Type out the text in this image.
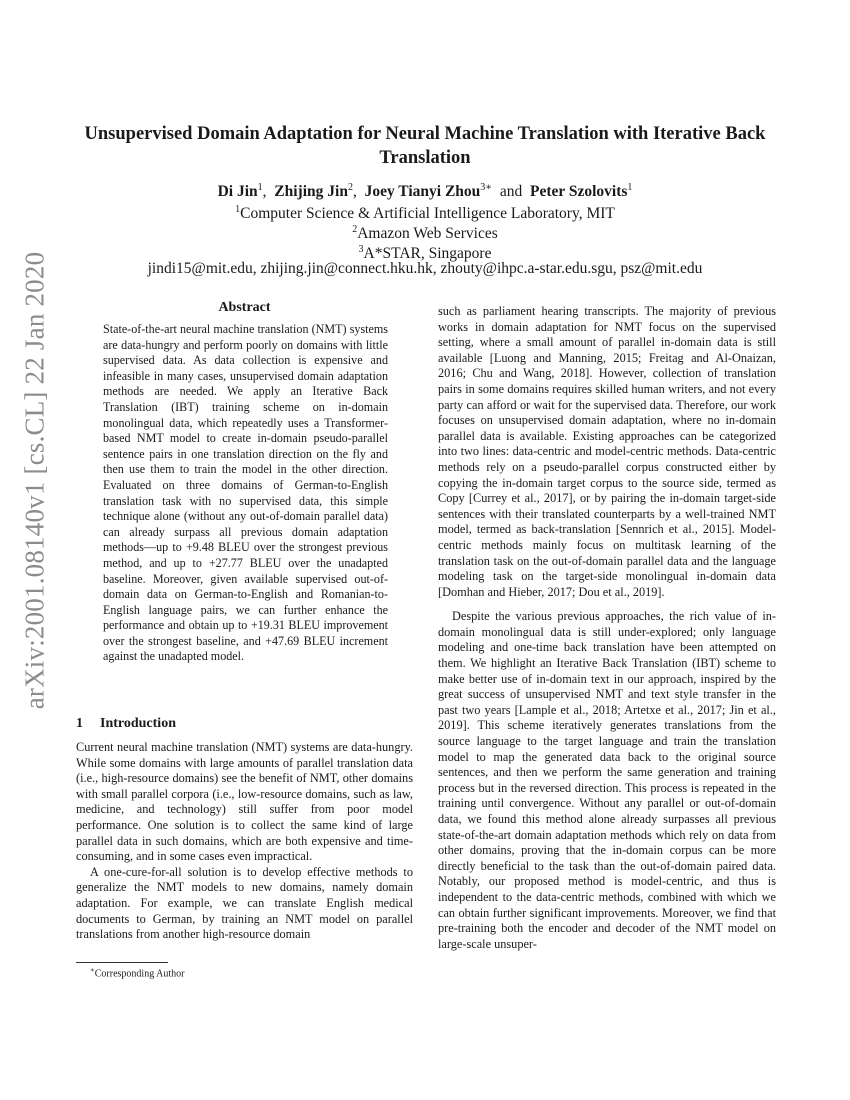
arXiv:2001.08140v1 [cs.CL] 22 Jan 2020
Unsupervised Domain Adaptation for Neural Machine Translation with Iterative Back Translation
Di Jin$^1$,  Zhijing Jin$^2$,  Joey Tianyi Zhou$^{3∗}$ and Peter Szolovits$^1$
$^1$Computer Science & Artificial Intelligence Laboratory, MIT
$^2$Amazon Web Services
$^3$A*STAR, Singapore
jindi15@mit.edu, zhijing.jin@connect.hku.hk, zhouty@ihpc.a-star.edu.sgu, psz@mit.edu
Abstract
State-of-the-art neural machine translation (NMT) systems are data-hungry and perform poorly on domains with little supervised data. As data collection is expensive and infeasible in many cases, unsupervised domain adaptation methods are needed. We apply an Iterative Back Translation (IBT) training scheme on in-domain monolingual data, which repeatedly uses a Transformer-based NMT model to create in-domain pseudo-parallel sentence pairs in one translation direction on the fly and then use them to train the model in the other direction. Evaluated on three domains of German-to-English translation task with no supervised data, this simple technique alone (without any out-of-domain parallel data) can already surpass all previous domain adaptation methods—up to +9.48 BLEU over the strongest previous method, and up to +27.77 BLEU over the unadapted baseline. Moreover, given available supervised out-of-domain data on German-to-English and Romanian-to-English language pairs, we can further enhance the performance and obtain up to +19.31 BLEU improvement over the strongest baseline, and +47.69 BLEU increment against the unadapted model.
1 Introduction

Current neural machine translation (NMT) systems are data-hungry. While some domains with large amounts of parallel translation data (i.e., high-resource domains) see the benefit of NMT, other domains with small parallel corpora (i.e., low-resource domains, such as law, medicine, and technology) still suffer from poor model performance. One solution is to collect the same kind of large parallel data in such domains, which are both expensive and time-consuming, and in some cases even impractical.

A one-cure-for-all solution is to develop effective methods to generalize the NMT models to new domains, namely domain adaptation. For example, we can translate English medical documents to German, by training an NMT model on parallel translations from another high-resource domain

∗Corresponding Author

such as parliament hearing transcripts. The majority of previous works in domain adaptation for NMT focus on the supervised setting, where a small amount of parallel in-domain data is still available [Luong and Manning, 2015; Freitag and Al-Onaizan, 2016; Chu and Wang, 2018]. However, collection of translation pairs in some domains requires skilled human writers, and not every party can afford or wait for the supervised data. Therefore, our work focuses on unsupervised domain adaptation, where no in-domain parallel data is available. Existing approaches can be categorized into two lines: data-centric and model-centric methods. Data-centric methods rely on a pseudo-parallel corpus constructed either by copying the in-domain target corpus to the source side, termed as Copy [Currey et al., 2017], or by pairing the in-domain target-side sentences with their translated counterparts by a well-trained NMT model, termed as back-translation [Sennrich et al., 2015]. Model-centric methods mainly focus on multitask learning of the translation task on the out-of-domain parallel data and the language modeling task on the target-side monolingual in-domain data [Domhan and Hieber, 2017; Dou et al., 2019].

Despite the various previous approaches, the rich value of in-domain monolingual data is still under-explored; only language modeling and one-time back translation have been attempted on them. We highlight an Iterative Back Translation (IBT) scheme to make better use of in-domain text in our approach, inspired by the great success of unsupervised NMT and text style transfer in the past two years [Lample et al., 2018; Artetxe et al., 2017; Jin et al., 2019]. This scheme iteratively generates translations from the source language to the target language and train the translation model to map the generated data back to the original source sentences, and then we perform the same generation and training process but in the reversed direction. This process is repeated in the training until convergence. Without any parallel or out-of-domain data, we found this method alone already surpasses all previous state-of-the-art domain adaptation methods which rely on data from other domains, proving that the in-domain corpus can be more directly beneficial to the task than the out-of-domain paired data. Notably, our proposed method is model-centric, and thus is independent to the data-centric methods, combined with which we can obtain further significant improvements. Moreover, we find that pre-training both the encoder and decoder of the NMT model on large-scale unsuper-
